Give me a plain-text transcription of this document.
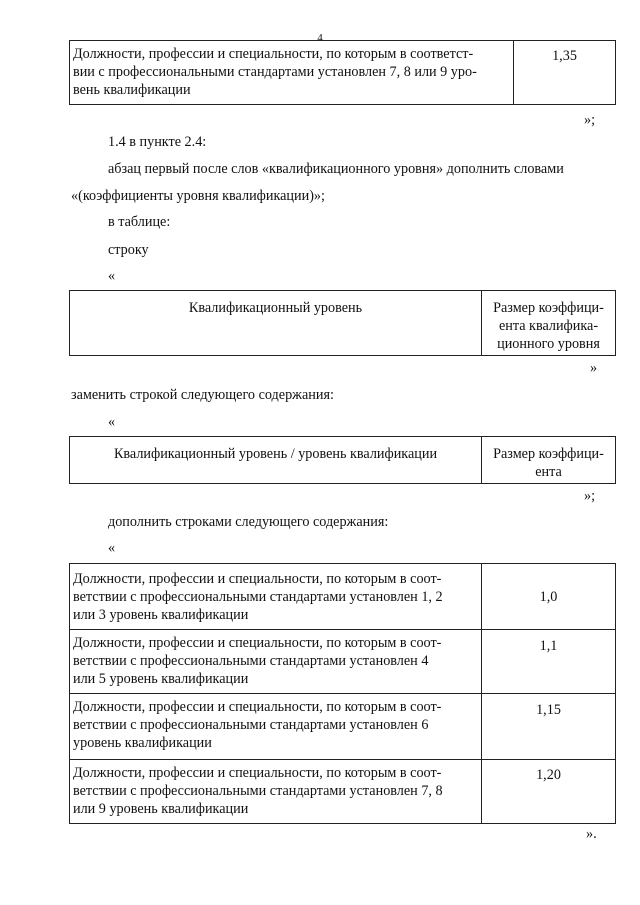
4
Должности, профессии и специальности, по которым в соответст-
вии с профессиональными стандартами установлен 7, 8 или 9 уро-
вень квалификации
	1,35
»;
1.4 в пункте 2.4:
абзац первый после слов «квалификационного уровня» дополнить словами
«(коэффициенты уровня квалификации)»;
в таблице:
строку
«
Квалификационный уровень	Размер коэффици-
ента квалифика-
ционного уровня
»
заменить строкой следующего содержания:
«
Квалификационный уровень / уровень квалификации	Размер коэффици-
ента
»;
дополнить строками следующего содержания:
«
Должности, профессии и специальности, по которым в соот-
ветствии с профессиональными стандартами установлен 1, 2
или 3 уровень квалификации	1,0

Должности, профессии и специальности, по которым в соот-
ветствии с профессиональными стандартами установлен 4
или 5 уровень квалификации	1,1

Должности, профессии и специальности, по которым в соот-
ветствии с профессиональными стандартами установлен 6
уровень квалификации	1,15

Должности, профессии и специальности, по которым в соот-
ветствии с профессиональными стандартами установлен 7, 8
или 9 уровень квалификации	1,20
».
